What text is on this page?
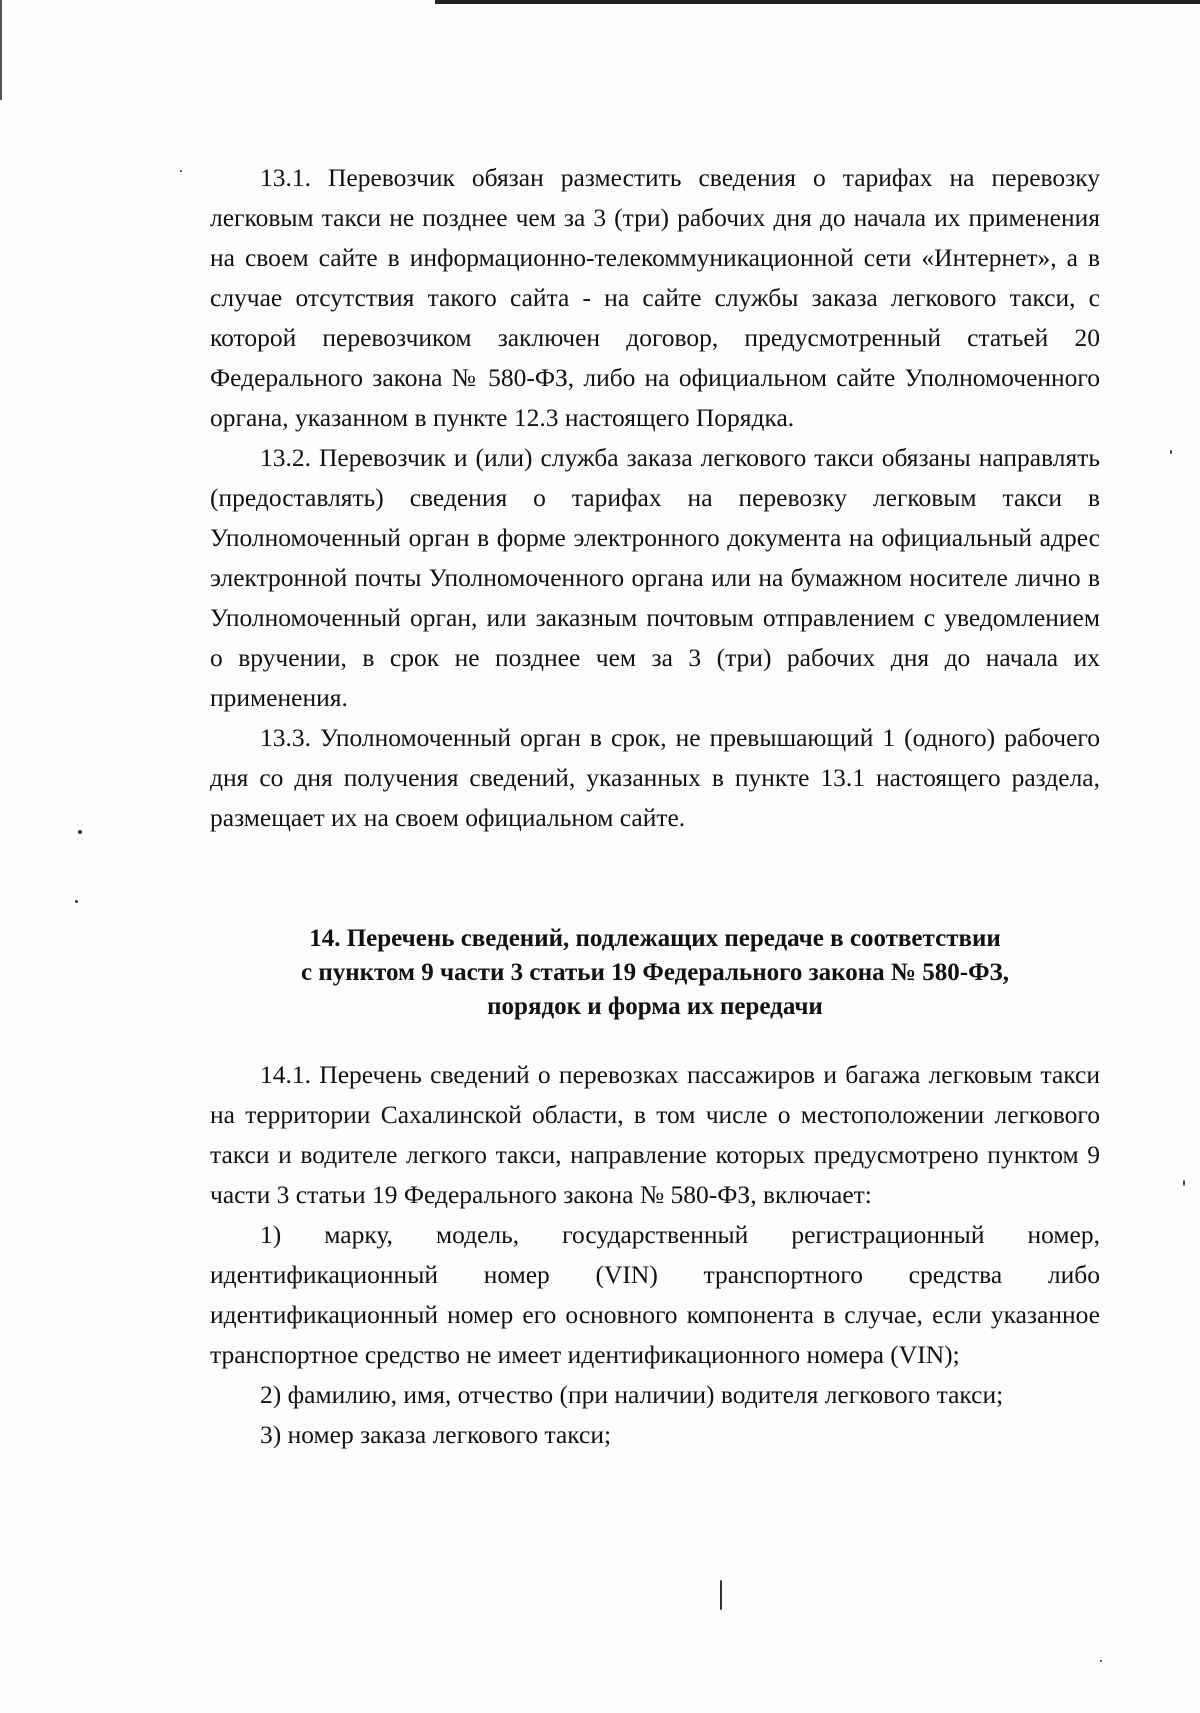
13.1. Перевозчик обязан разместить сведения о тарифах на перевозку легковым такси не позднее чем за 3 (три) рабочих дня до начала их применения на своем сайте в информационно-телекоммуникационной сети «Интернет», а в случае отсутствия такого сайта - на сайте службы заказа легкового такси, с которой перевозчиком заключен договор, предусмотренный статьей 20 Федерального закона № 580-ФЗ, либо на официальном сайте Уполномоченного органа, указанном в пункте 12.3 настоящего Порядка.

13.2. Перевозчик и (или) служба заказа легкового такси обязаны направлять (предоставлять) сведения о тарифах на перевозку легковым такси в Уполномоченный орган в форме электронного документа на официальный адрес электронной почты Уполномоченного органа или на бумажном носителе лично в Уполномоченный орган, или заказным почтовым отправлением с уведомлением о вручении, в срок не позднее чем за 3 (три) рабочих дня до начала их применения.

13.3. Уполномоченный орган в срок, не превышающий 1 (одного) рабочего дня со дня получения сведений, указанных в пункте 13.1 настоящего раздела, размещает их на своем официальном сайте.

14. Перечень сведений, подлежащих передаче в соответствии
с пунктом 9 части 3 статьи 19 Федерального закона № 580-ФЗ,
порядок и форма их передачи

14.1. Перечень сведений о перевозках пассажиров и багажа легковым такси на территории Сахалинской области, в том числе о местоположении легкового такси и водителе легкого такси, направление которых предусмотрено пунктом 9 части 3 статьи 19 Федерального закона № 580-ФЗ, включает:

1) марку, модель, государственный регистрационный номер, идентификационный номер (VIN) транспортного средства либо идентификационный номер его основного компонента в случае, если указанное транспортное средство не имеет идентификационного номера (VIN);

2) фамилию, имя, отчество (при наличии) водителя легкового такси;

3) номер заказа легкового такси;
